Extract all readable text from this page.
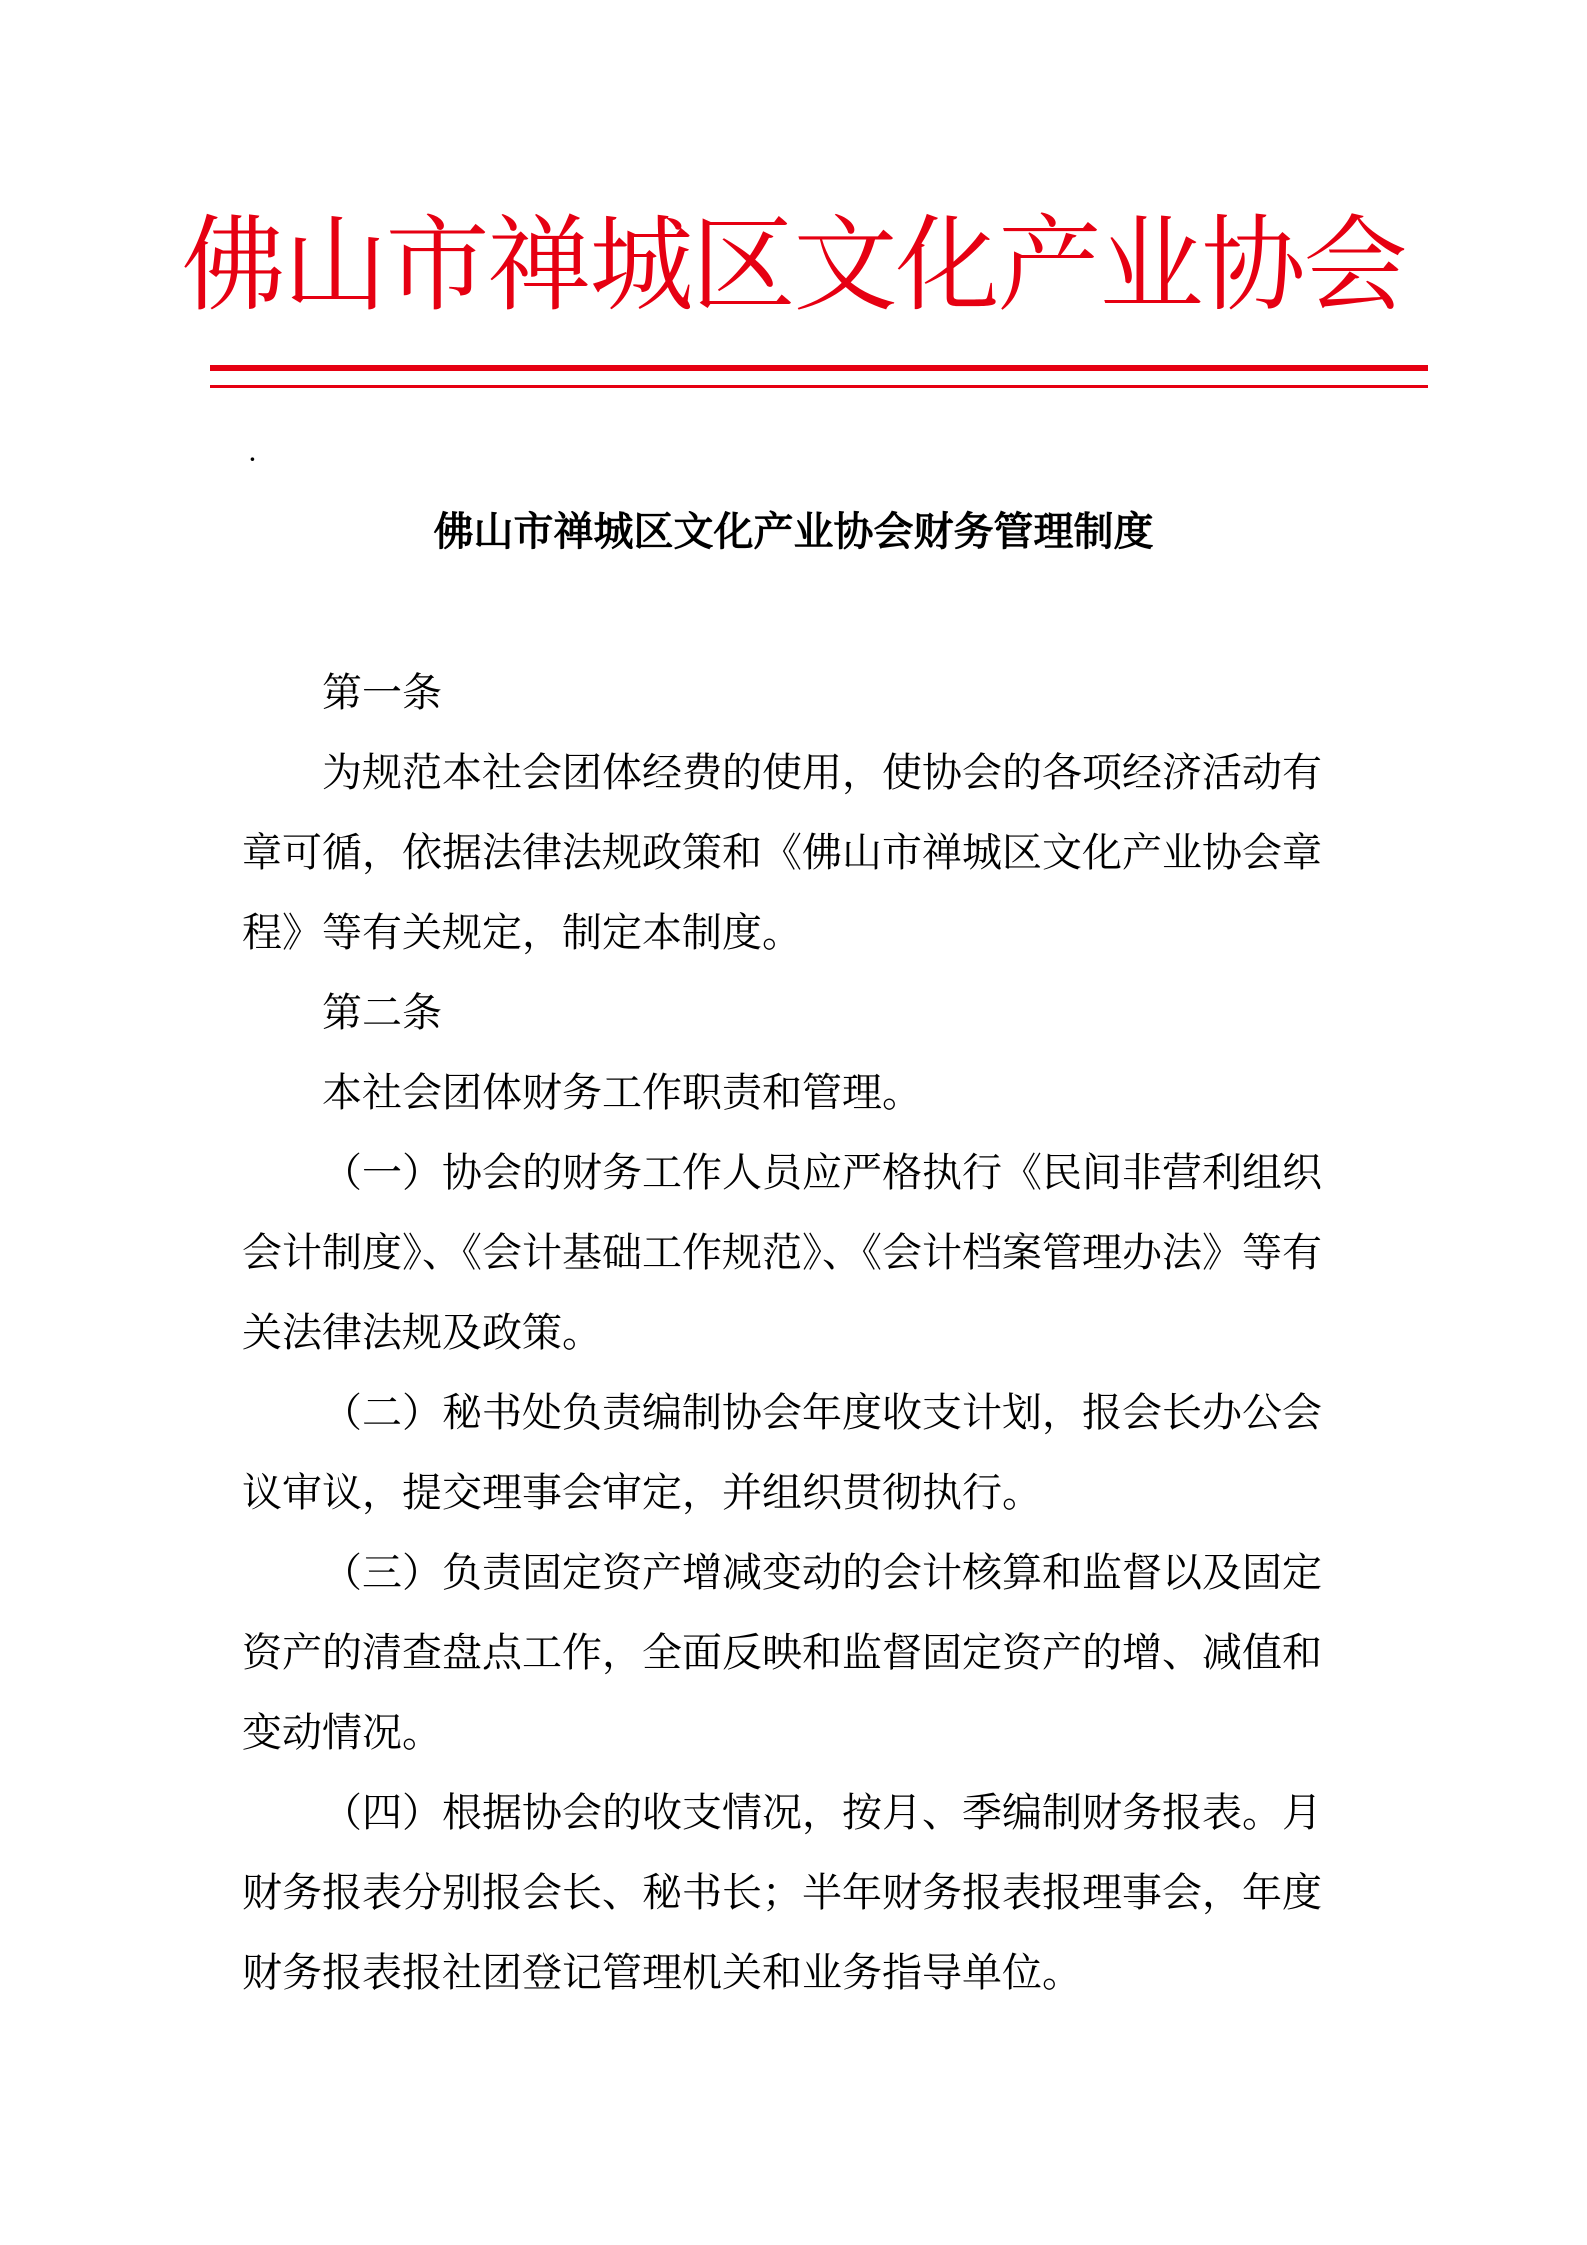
佛山市禅城区文化产业协会
·
佛山市禅城区文化产业协会财务管理制度

第一条

为规范本社会团体经费的使用，使协会的各项经济活动有章可循，依据法律法规政策和《佛山市禅城区文化产业协会章程》等有关规定，制定本制度。

第二条

本社会团体财务工作职责和管理。

（一）协会的财务工作人员应严格执行《民间非营利组织会计制度》、《会计基础工作规范》、《会计档案管理办法》等有关法律法规及政策。

（二）秘书处负责编制协会年度收支计划，报会长办公会议审议，提交理事会审定，并组织贯彻执行。

（三）负责固定资产增减变动的会计核算和监督以及固定资产的清查盘点工作，全面反映和监督固定资产的增、减值和变动情况。

（四）根据协会的收支情况，按月、季编制财务报表。月财务报表分别报会长、秘书长；半年财务报表报理事会，年度财务报表报社团登记管理机关和业务指导单位。
